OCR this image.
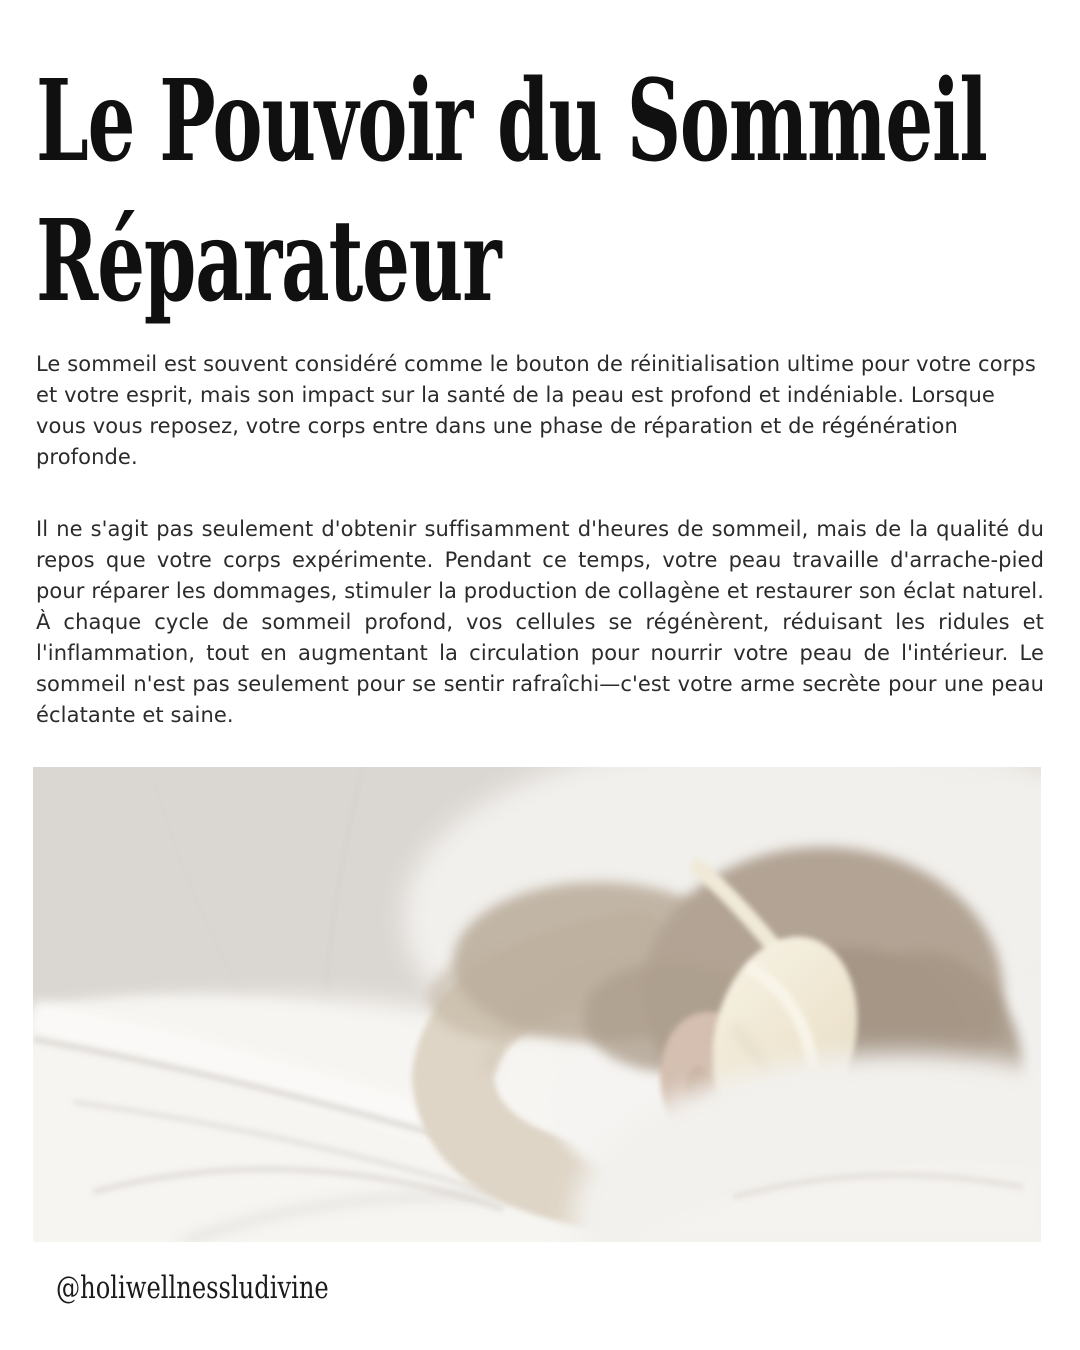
Le Pouvoir du Sommeil
Réparateur

Le sommeil est souvent considéré comme le bouton de réinitialisation ultime pour votre corps et votre esprit, mais son impact sur la santé de la peau est profond et indéniable. Lorsque vous vous reposez, votre corps entre dans une phase de réparation et de régénération profonde.

Il ne s'agit pas seulement d'obtenir suffisamment d'heures de sommeil, mais de la qualité du repos que votre corps expérimente. Pendant ce temps, votre peau travaille d'arrache-pied pour réparer les dommages, stimuler la production de collagène et restaurer son éclat naturel. À chaque cycle de sommeil profond, vos cellules se régénèrent, réduisant les ridules et l'inflammation, tout en augmentant la circulation pour nourrir votre peau de l'intérieur. Le sommeil n'est pas seulement pour se sentir rafraîchi—c'est votre arme secrète pour une peau éclatante et saine.

@holiwellnessludivine
